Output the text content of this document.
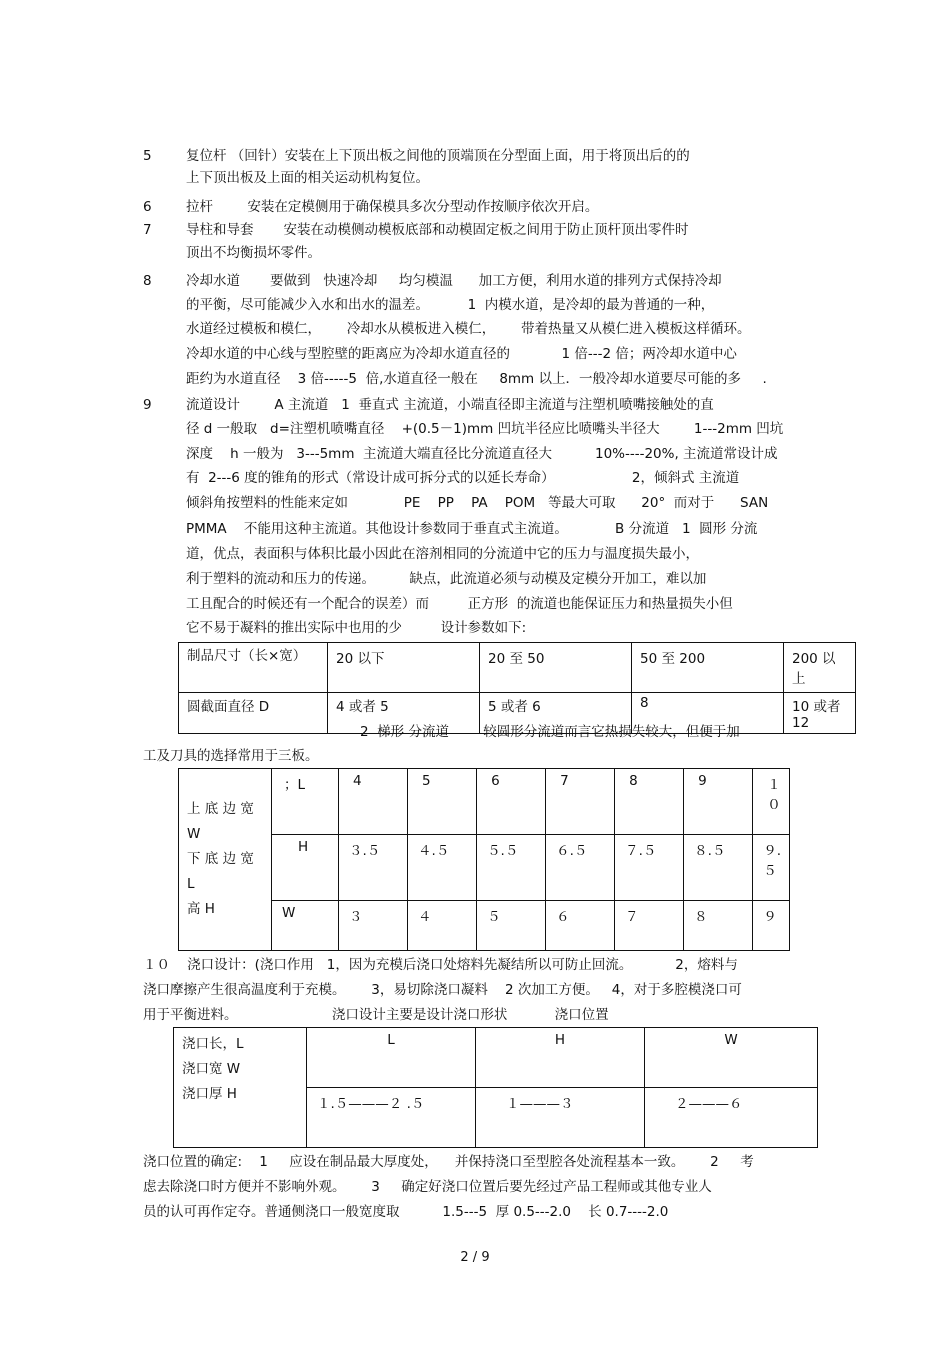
5	复位杆 （回针）安装在上下顶出板之间他的顶端顶在分型面上面，用于将顶出后的的
上下顶出板及上面的相关运动机构复位。
6	拉杆        安装在定模侧用于确保模具多次分型动作按顺序依次开启。
7	导柱和导套       安装在动模侧动模板底部和动模固定板之间用于防止顶杆顶出零件时
顶出不均衡损坏零件。
8	冷却水道       要做到   快速冷却     均匀模温      加工方便，利用水道的排列方式保持冷却
的平衡，尽可能减少入水和出水的温差。         1  内模水道，是冷却的最为普通的一种，
水道经过模板和模仁，      冷却水从模板进入模仁，      带着热量又从模仁进入模板这样循环。
冷却水道的中心线与型腔壁的距离应为冷却水道直径的            1 倍---2 倍；两冷却水道中心
距约为水道直径    3 倍-----5  倍,水道直径一般在     8mm 以上．一般冷却水道要尽可能的多     .
9	流道设计        A 主流道   1  垂直式 主流道，小端直径即主流道与注塑机喷嘴接触处的直
径 d 一般取   d=注塑机喷嘴直径    +(0.5－1)mm 凹坑半径应比喷嘴头半径大        1---2mm 凹坑
深度    h 一般为   3---5mm  主流道大端直径比分流道直径大          10%----20%, 主流道常设计成
有  2---6 度的锥角的形式（常设计成可拆分式的以延长寿命）                  2，倾斜式 主流道
倾斜角按塑料的性能来定如             PE    PP    PA    POM   等最大可取      20°  而对于      SAN
PMMA    不能用这种主流道。其他设计参数同于垂直式主流道。           B 分流道   1  圆形 分流
道，优点，表面积与体积比最小因此在溶剂相同的分流道中它的压力与温度损失最小，
利于塑料的流动和压力的传递。        缺点，此流道必须与动模及定模分开加工，难以加
工且配合的时候还有一个配合的误差）而         正方形  的流道也能保证压力和热量损失小但
它不易于凝料的推出实际中也用的少         设计参数如下:
制品尺寸（长×宽）	20 以下	20 至 50	50 至 200	200 以上
圆截面直径 D	4 或者 5	5 或者 6	8	10 或者 12
2  梯形 分流道        较圆形分流道而言它热损失较大，但便于加
工及刀具的选择常用于三板。
上 底 边 宽
W
下 底 边 宽
L
高 H	；L	4	5	6	7	8	9	１０
	H	３.５	４.５	５.５	６.５	７.５	８.５	９.５
	W	３	４	５	６	７	８	９
１０    浇口设计：(浇口作用   1，因为充模后浇口处熔料先凝结所以可防止回流。          2，熔料与
浇口摩擦产生很高温度利于充模。      3，易切除浇口凝料    2 次加工方便。   4，对于多腔模浇口可
用于平衡进料。                      浇口设计主要是设计浇口形状           浇口位置
浇口长，L
浇口宽 W
浇口厚 H	L	H	W
	１.５———２ .５	１———３	２———６
浇口位置的确定:    1     应设在制品最大厚度处，    并保持浇口至型腔各处流程基本一致。      2     考
虑去除浇口时方便并不影响外观。      3     确定好浇口位置后要先经过产品工程师或其他专业人
员的认可再作定夺。普通侧浇口一般宽度取          1.5---5  厚 0.5---2.0    长 0.7----2.0
2 / 9
